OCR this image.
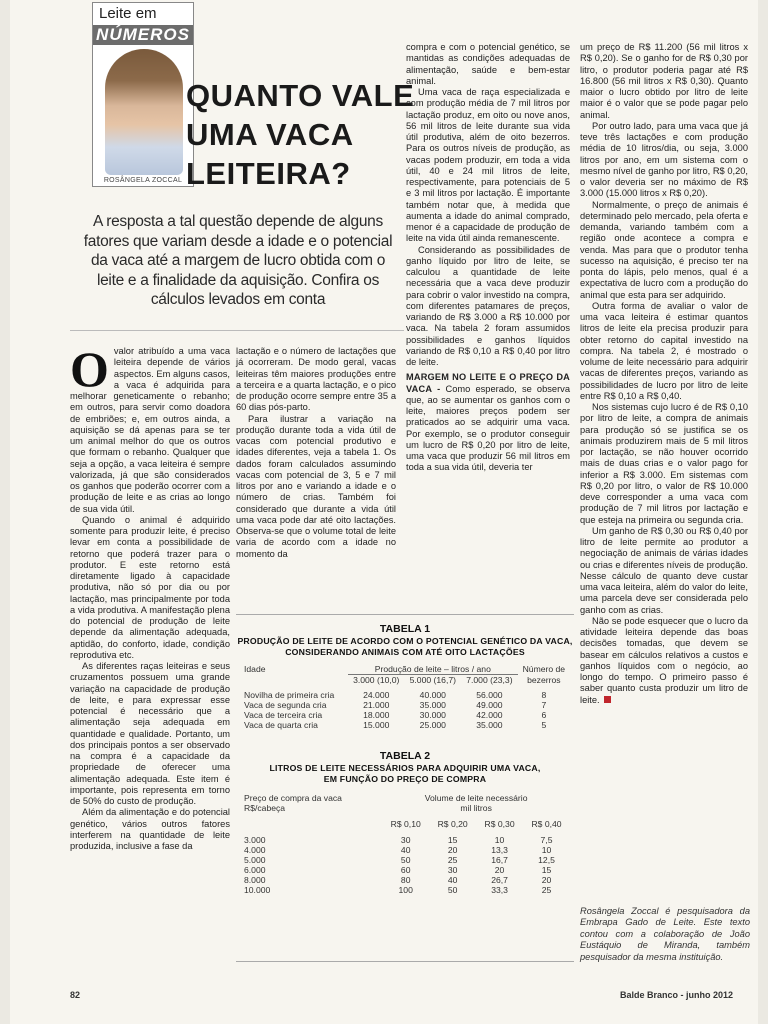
Leite em
NÚMEROS
ROSÂNGELA ZOCCAL
QUANTO VALE
UMA VACA
LEITEIRA?
A resposta a tal questão depende de alguns fatores que variam desde a idade e o potencial da vaca até a margem de lucro obtida com o leite e a finalidade da aquisição. Confira os cálculos levados em conta

Ovalor atribuído a uma vaca leiteira depende de vários aspectos. Em alguns casos, a vaca é adquirida para melhorar geneticamente o rebanho; em outros, para servir como doadora de embriões; e, em outros ainda, a aquisição se dá apenas para se ter um animal melhor do que os outros que formam o rebanho. Qualquer que seja a opção, a vaca leiteira é sempre valorizada, já que são considerados os ganhos que poderão ocorrer com a produção de leite e as crias ao longo de sua vida útil.

Quando o animal é adquirido somente para produzir leite, é preciso levar em conta a possibilidade de retorno que poderá trazer para o produtor. E este retorno está diretamente ligado à capacidade produtiva, não só por dia ou por lactação, mas principalmente por toda a vida produtiva. A manifestação plena do potencial de produção de leite depende da alimentação adequada, aptidão, do conforto, idade, condição reprodutiva etc.

As diferentes raças leiteiras e seus cruzamentos possuem uma grande variação na capacidade de produção de leite, e para expressar esse potencial é necessário que a alimentação seja adequada em quantidade e qualidade. Portanto, um dos principais pontos a ser observado na compra é a capacidade da propriedade de oferecer uma alimentação adequada. Este item é importante, pois representa em torno de 50% do custo de produção.

Além da alimentação e do potencial genético, vários outros fatores interferem na quantidade de leite produzida, inclusive a fase da

lactação e o número de lactações que já ocorreram. De modo geral, vacas leiteiras têm maiores produções entre a terceira e a quarta lactação, e o pico de produção ocorre sempre entre 35 a 60 dias pós-parto.

Para ilustrar a variação na produção durante toda a vida útil de vacas com potencial produtivo e idades diferentes, veja a tabela 1. Os dados foram calculados assumindo vacas com potencial de 3, 5 e 7 mil litros por ano e variando a idade e o número de crias. Também foi considerado que durante a vida útil uma vaca pode dar até oito lactações. Observa-se que o volume total de leite varia de acordo com a idade no momento da

compra e com o potencial genético, se mantidas as condições adequadas de alimentação, saúde e bem-estar animal.

Uma vaca de raça especializada e com produção média de 7 mil litros por lactação produz, em oito ou nove anos, 56 mil litros de leite durante sua vida útil produtiva, além de oito bezerros. Para os outros níveis de produção, as vacas podem produzir, em toda a vida útil, 40 e 24 mil litros de leite, respectivamente, para potenciais de 5 e 3 mil litros por lactação. É importante também notar que, à medida que aumenta a idade do animal comprado, menor é a capacidade de produção de leite na vida útil ainda remanescente.

Considerando as possibilidades de ganho líquido por litro de leite, se calculou a quantidade de leite necessária que a vaca deve produzir para cobrir o valor investido na compra, com diferentes patamares de preços, variando de R$ 3.000 a R$ 10.000 por vaca. Na tabela 2 foram assumidos possibilidades e ganhos líquidos variando de R$ 0,10 a R$ 0,40 por litro de leite.

MARGEM NO LEITE E O PREÇO DA VACA - Como esperado, se observa que, ao se aumentar os ganhos com o leite, maiores preços podem ser praticados ao se adquirir uma vaca. Por exemplo, se o produtor conseguir um lucro de R$ 0,20 por litro de leite, uma vaca que produzir 56 mil litros em toda a sua vida útil, deveria ter

um preço de R$ 11.200 (56 mil litros x R$ 0,20). Se o ganho for de R$ 0,30 por litro, o produtor poderia pagar até R$ 16.800 (56 mil litros x R$ 0,30). Quanto maior o lucro obtido por litro de leite maior é o valor que se pode pagar pelo animal.

Por outro lado, para uma vaca que já teve três lactações e com produção média de 10 litros/dia, ou seja, 3.000 litros por ano, em um sistema com o mesmo nível de ganho por litro, R$ 0,20, o valor deveria ser no máximo de R$ 3.000 (15.000 litros x R$ 0,20).

Normalmente, o preço de animais é determinado pelo mercado, pela oferta e demanda, variando também com a região onde acontece a compra e venda. Mas para que o produtor tenha sucesso na aquisição, é preciso ter na ponta do lápis, pelo menos, qual é a expectativa de lucro com a produção do animal que esta para ser adquirido.

Outra forma de avaliar o valor de uma vaca leiteira é estimar quantos litros de leite ela precisa produzir para obter retorno do capital investido na compra. Na tabela 2, é mostrado o volume de leite necessário para adquirir vacas de diferentes preços, variando as possibilidades de lucro por litro de leite entre R$ 0,10 a R$ 0,40.

Nos sistemas cujo lucro é de R$ 0,10 por litro de leite, a compra de animais para produção só se justifica se os animais produzirem mais de 5 mil litros por lactação, se não houver ocorrido mais de duas crias e o valor pago for inferior a R$ 3.000. Em sistemas com R$ 0,20 por litro, o valor de R$ 10.000 deve corresponder a uma vaca com produção de 7 mil litros por lactação e que esteja na primeira ou segunda cria.

Um ganho de R$ 0,30 ou R$ 0,40 por litro de leite permite ao produtor a negociação de animais de várias idades ou crias e diferentes níveis de produção. Nesse cálculo de quanto deve custar uma vaca leiteira, além do valor do leite, uma parcela deve ser considerada pelo ganho com as crias.

Não se pode esquecer que o lucro da atividade leiteira depende das boas decisões tomadas, que devem se basear em cálculos relativos a custos e ganhos líquidos com o negócio, ao longo do tempo. O primeiro passo é saber quanto custa produzir um litro de leite.

Rosângela Zoccal é pesquisadora da Embrapa Gado de Leite. Este texto contou com a colaboração de João Eustáquio de Miranda, também pesquisador da mesma instituição.
TABELA 1
PRODUÇÃO DE LEITE DE ACORDO COM O POTENCIAL GENÉTICO DA VACA,
CONSIDERANDO ANIMAIS COM ATÉ OITO LACTAÇÕES
Idade	Produção de leite – litros / ano			Número de
	3.000 (10,0)	5.000 (16,7)	7.000 (23,3)	bezerros

Novilha de primeira cria	24.000	40.000	56.000	8
Vaca de segunda cria	21.000	35.000	49.000	7
Vaca de terceira cria	18.000	30.000	42.000	6
Vaca de quarta cria	15.000	25.000	35.000	5
TABELA 2
LITROS DE LEITE NECESSÁRIOS PARA ADQUIRIR UMA VACA,
EM FUNÇÃO DO PREÇO DE COMPRA
Preço de compra da vaca	Volume de leite necessário			
R$/cabeça	mil litros			

	R$ 0,10	R$ 0,20	R$ 0,30	R$ 0,40

3.000	30	15	10	7,5
4.000	40	20	13,3	10
5.000	50	25	16,7	12,5
6.000	60	30	20	15
8.000	80	40	26,7	20
10.000	100	50	33,3	25
82	Balde Branco - junho 2012
